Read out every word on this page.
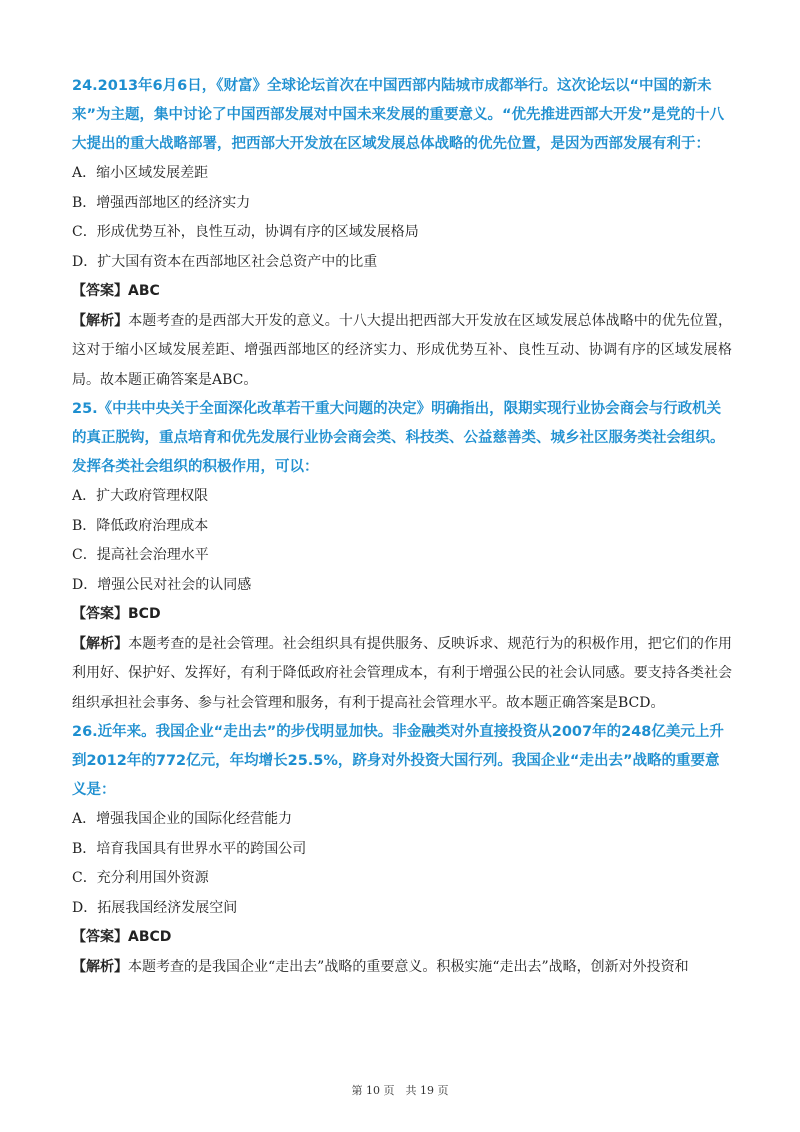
24.2013年6月6日，《财富》全球论坛首次在中国西部内陆城市成都举行。这次论坛以“中国的新未来”为主题，集中讨论了中国西部发展对中国未来发展的重要意义。“优先推进西部大开发”是党的十八大提出的重大战略部署，把西部大开发放在区域发展总体战略的优先位置，是因为西部发展有利于：

A．缩小区域发展差距

B．增强西部地区的经济实力

C．形成优势互补，良性互动，协调有序的区域发展格局

D．扩大国有资本在西部地区社会总资产中的比重

【答案】ABC

【解析】本题考查的是西部大开发的意义。十八大提出把西部大开发放在区域发展总体战略中的优先位置，这对于缩小区域发展差距、增强西部地区的经济实力、形成优势互补、良性互动、协调有序的区域发展格局。故本题正确答案是ABC。

25.《中共中央关于全面深化改革若干重大问题的决定》明确指出，限期实现行业协会商会与行政机关的真正脱钩，重点培育和优先发展行业协会商会类、科技类、公益慈善类、城乡社区服务类社会组织。发挥各类社会组织的积极作用，可以：

A．扩大政府管理权限

B．降低政府治理成本

C．提高社会治理水平

D．增强公民对社会的认同感

【答案】BCD

【解析】本题考查的是社会管理。社会组织具有提供服务、反映诉求、规范行为的积极作用，把它们的作用利用好、保护好、发挥好，有利于降低政府社会管理成本，有利于增强公民的社会认同感。要支持各类社会组织承担社会事务、参与社会管理和服务，有利于提高社会管理水平。故本题正确答案是BCD。

26.近年来。我国企业“走出去”的步伐明显加快。非金融类对外直接投资从2007年的248亿美元上升到2012年的772亿元，年均增长25.5%，跻身对外投资大国行列。我国企业“走出去”战略的重要意义是：

A．增强我国企业的国际化经营能力

B．培育我国具有世界水平的跨国公司

C．充分利用国外资源

D．拓展我国经济发展空间

【答案】ABCD

【解析】本题考查的是我国企业“走出去”战略的重要意义。积极实施“走出去”战略，创新对外投资和

第 10 页　共 19 页
